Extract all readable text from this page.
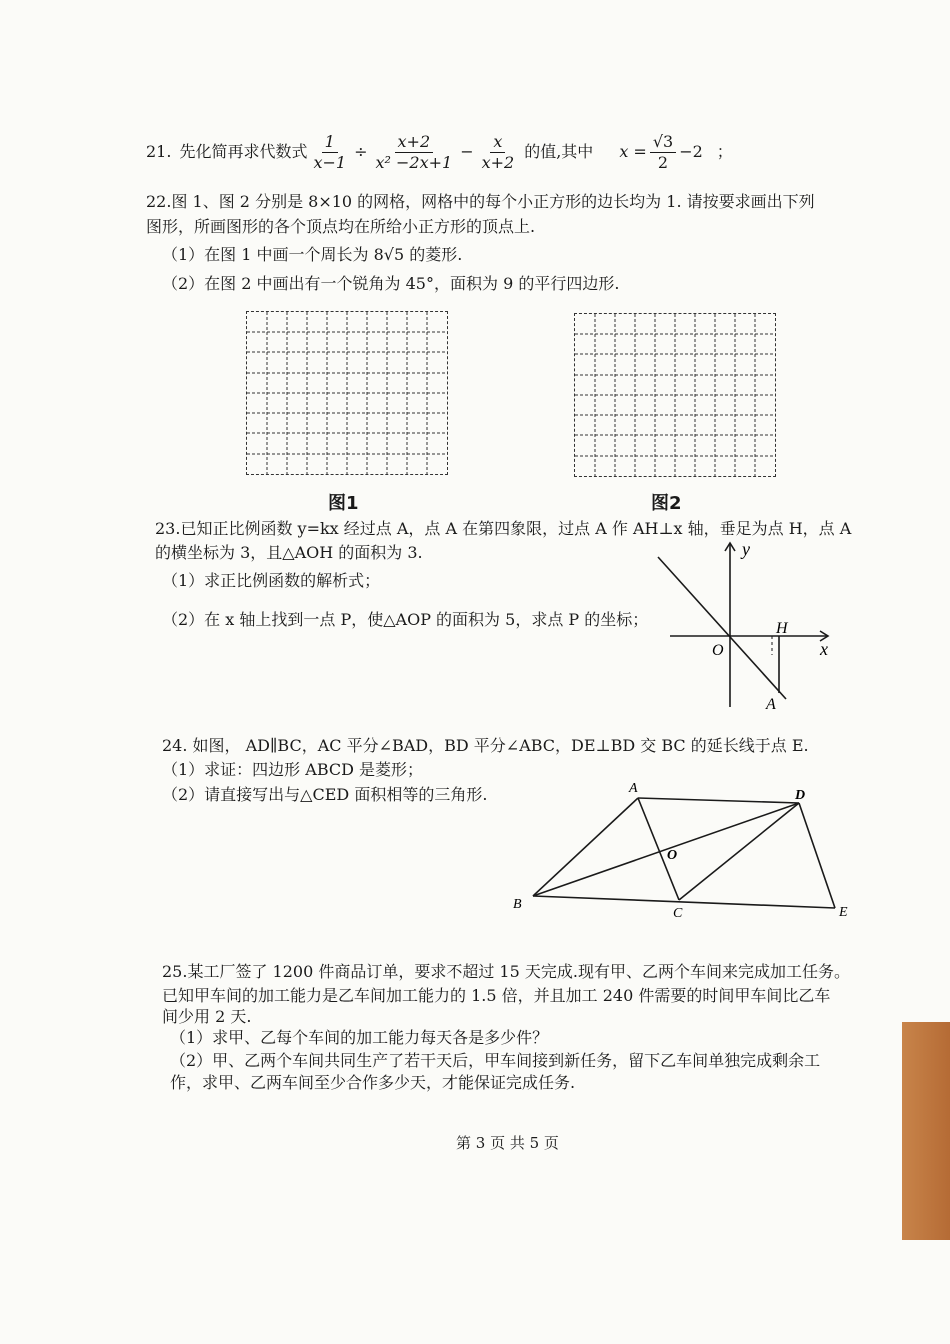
21. 先化简再求代数式 $\frac{1}{x-1} \div \frac{x+2}{\text{x² −2x+1}} - \frac{x}{x+2}$ 的值,其中 $x = \frac{√3}{2} -2$ ；
22.图 1、图 2 分别是 8×10 的网格，网格中的每个小正方形的边长均为 1. 请按要求画出下列
图形，所画图形的各个顶点均在所给小正方形的顶点上.
（1）在图 1 中画一个周长为 8√5 的菱形.
（2）在图 2 中画出有一个锐角为 45°，面积为 9 的平行四边形.
图1	图2
23.已知正比例函数 y=kx 经过点 A，点 A 在第四象限，过点 A 作 AH⊥x 轴，垂足为点 H，点 A
的横坐标为 3，且△AOH 的面积为 3.
（1）求正比例函数的解析式；
（2）在 x 轴上找到一点 P，使△AOP 的面积为 5，求点 P 的坐标；
y
x
O
H
A
24. 如图， AD∥BC，AC 平分∠BAD，BD 平分∠ABC，DE⊥BD 交 BC 的延长线于点 E.
（1）求证：四边形 ABCD 是菱形；
（2）请直接写出与△CED 面积相等的三角形.	A	D
O
B
C	E
25.某工厂签了 1200 件商品订单，要求不超过 15 天完成.现有甲、乙两个车间来完成加工任务。
已知甲车间的加工能力是乙车间加工能力的 1.5 倍，并且加工 240 件需要的时间甲车间比乙车
间少用 2 天.
（1）求甲、乙每个车间的加工能力每天各是多少件？
（2）甲、乙两个车间共同生产了若干天后，甲车间接到新任务，留下乙车间单独完成剩余工
作，求甲、乙两车间至少合作多少天，才能保证完成任务.
第 3 页 共 5 页
